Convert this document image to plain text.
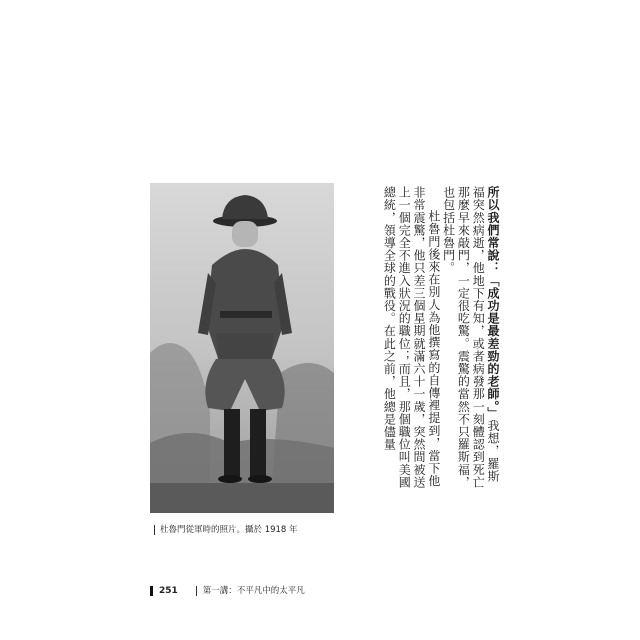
杜魯門從軍時的照片。攝於 1918 年

所以我們常說：「成功是最差勁的老師。」我想，羅斯福突然病逝，他地下有知，或者病發那一刻體認到死亡那麼早來敲門，一定很吃驚。震驚的當然不只羅斯福，也包括杜魯門。

杜魯門後來在別人為他撰寫的自傳裡提到，當下他非常震驚，他只差三個星期就滿六十一歲，突然間被送上一個完全不進入狀況的職位；而且，那個職位叫美國總統，領導全球的戰役。在此之前，他總是儘量

251	第一講：不平凡中的太平凡
